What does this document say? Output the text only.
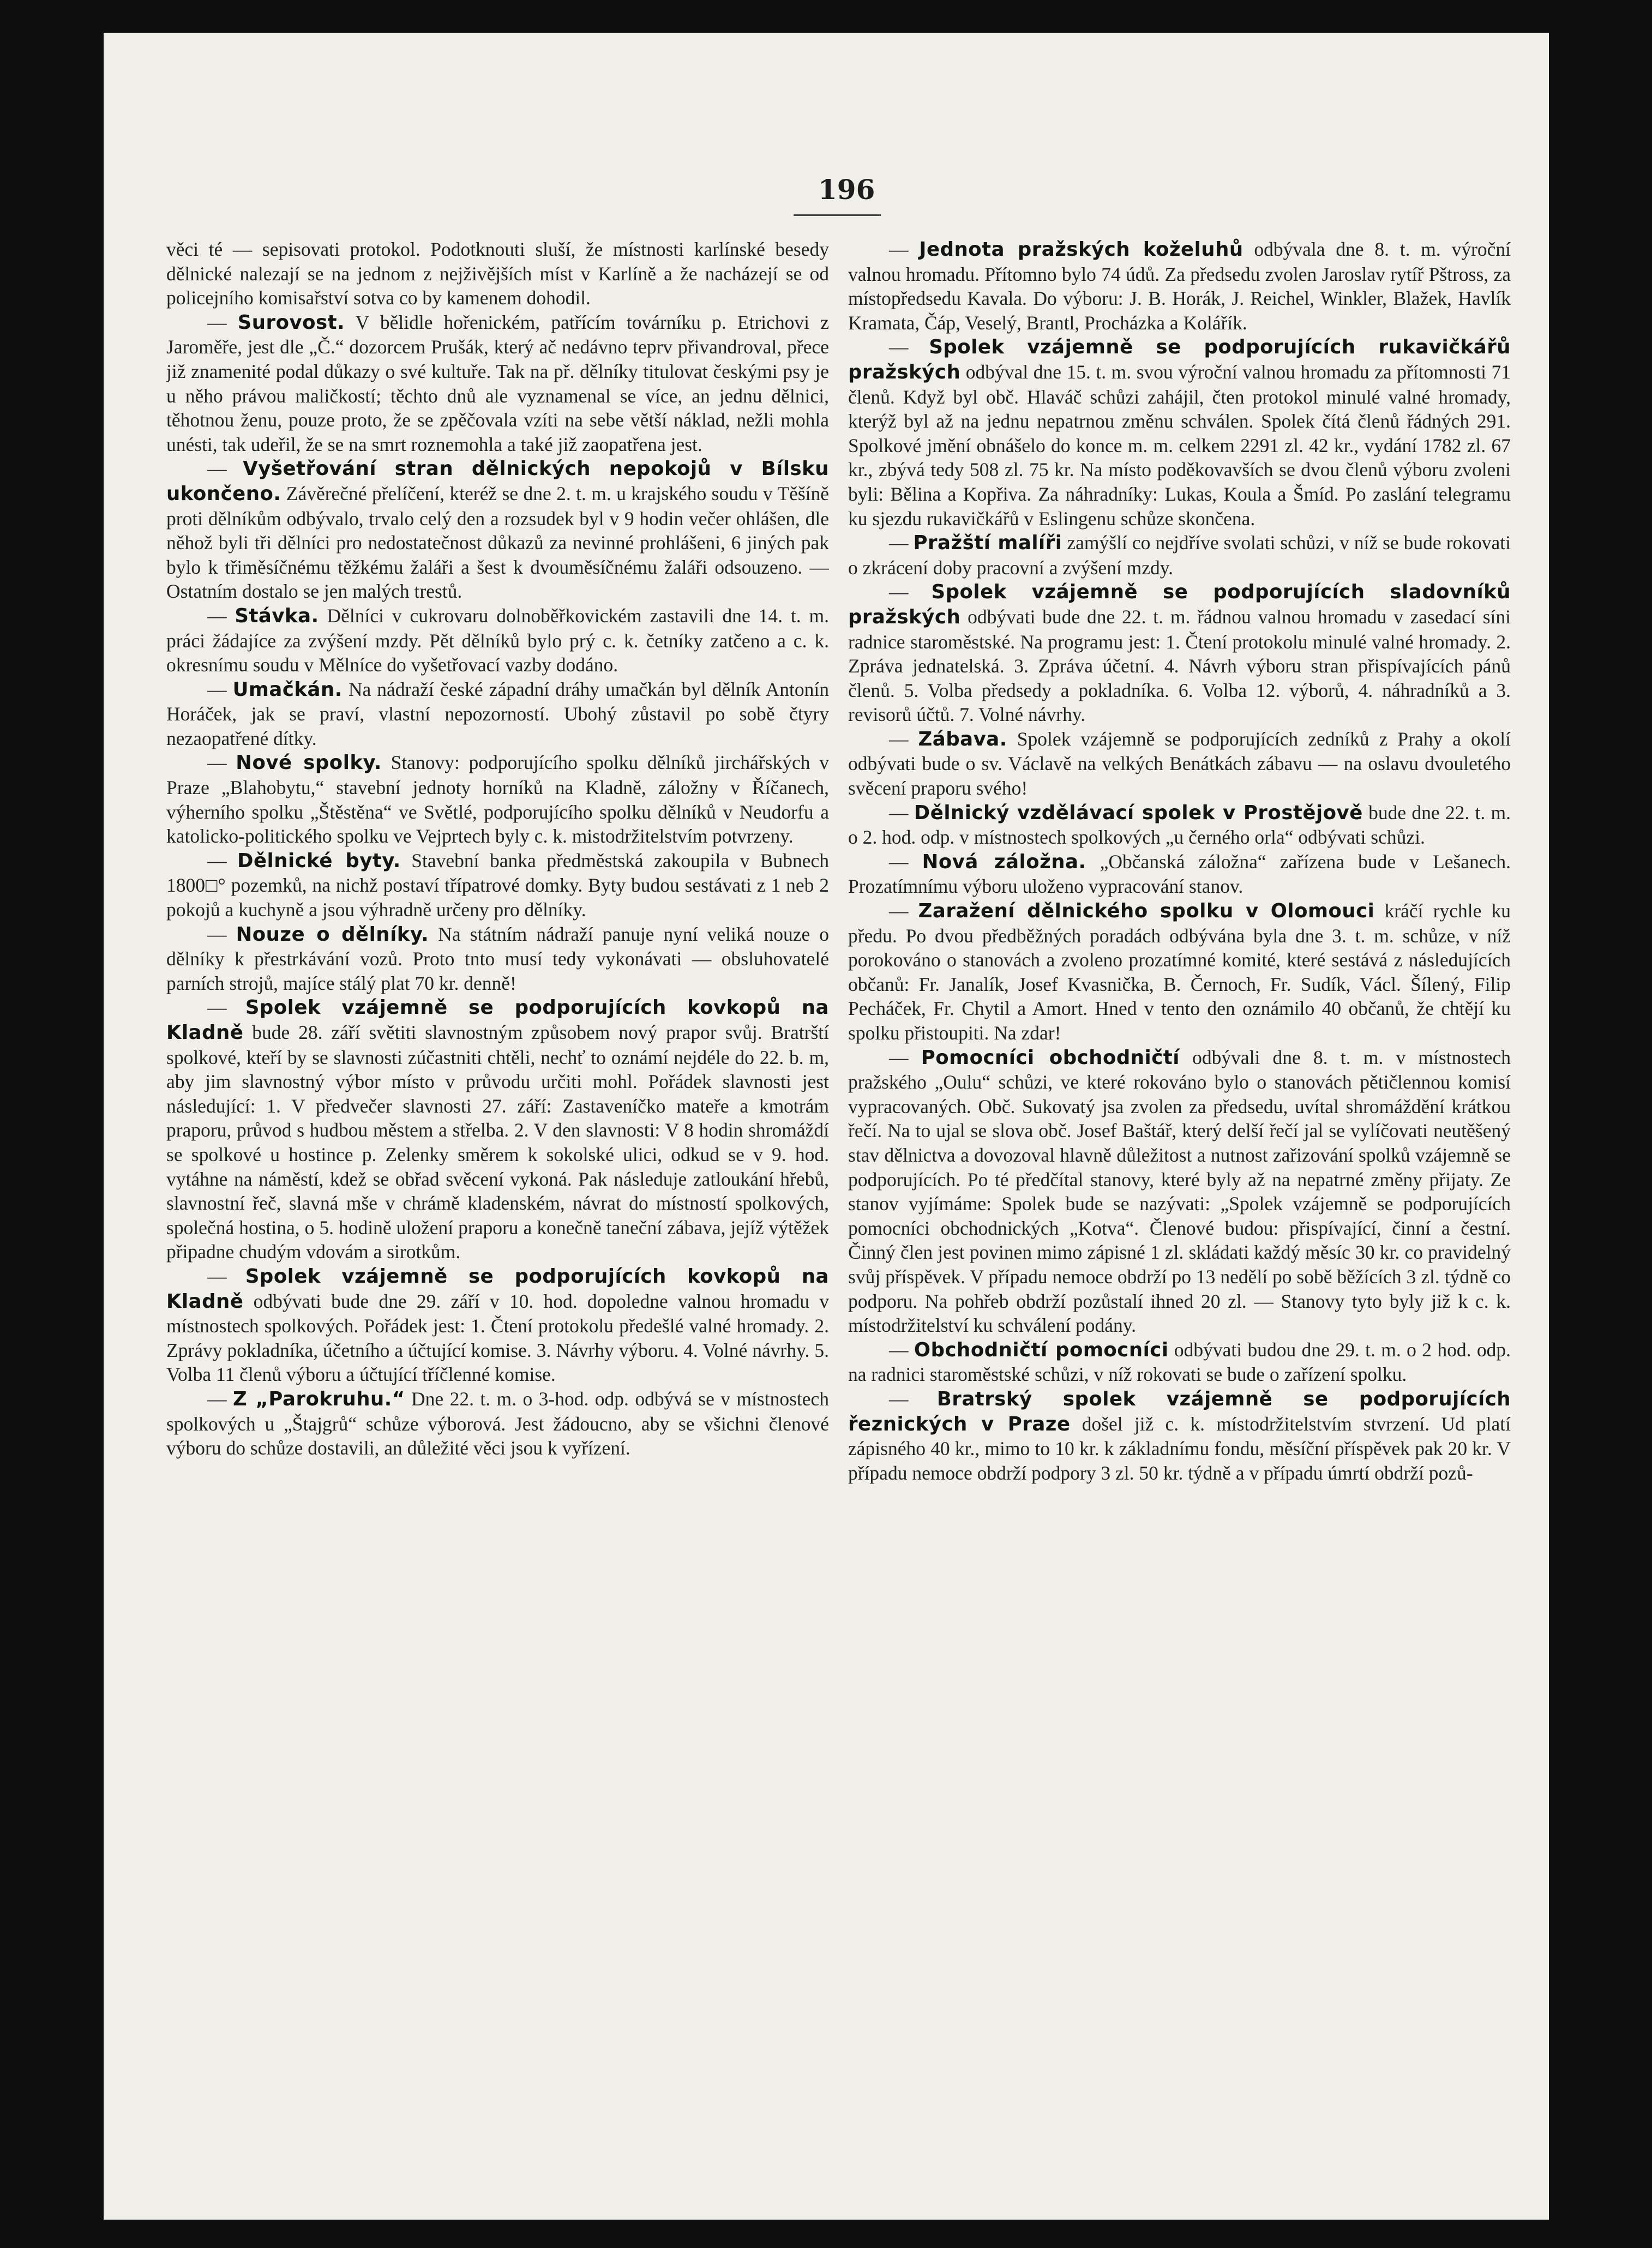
196

věci té — sepisovati protokol. Podotknouti sluší, že místnosti karlínské besedy dělnické nalezají se na jednom z nejživějších míst v Karlíně a že nacházejí se od policejního komisařství sotva co by kamenem dohodil.

— Surovost. V bělidle hořenickém, patřícím továrníku p. Etrichovi z Jaroměře, jest dle „Č.“ dozorcem Prušák, který ač nedávno teprv přivandroval, přece již znamenité podal důkazy o své kultuře. Tak na př. dělníky titulovat českými psy je u něho právou maličkostí; těchto dnů ale vyznamenal se více, an jednu dělnici, těhotnou ženu, pouze proto, že se zpěčovala vzíti na sebe větší náklad, nežli mohla unésti, tak udeřil, že se na smrt roznemohla a také již zaopatřena jest.

— Vyšetřování stran dělnických nepokojů v Bílsku ukončeno. Závěrečné přelíčení, kteréž se dne 2. t. m. u krajského soudu v Těšíně proti dělníkům odbývalo, trvalo celý den a rozsudek byl v 9 hodin večer ohlášen, dle něhož byli tři dělníci pro nedostatečnost důkazů za nevinné prohlášeni, 6 jiných pak bylo k třiměsíčnému těžkému žaláři a šest k dvouměsíčnému žaláři odsouzeno. — Ostatním dostalo se jen malých trestů.

— Stávka. Dělníci v cukrovaru dolnoběřkovickém zastavili dne 14. t. m. práci žádajíce za zvýšení mzdy. Pět dělníků bylo prý c. k. četníky zatčeno a c. k. okresnímu soudu v Mělníce do vyšetřovací vazby dodáno.

— Umačkán. Na nádraží české západní dráhy umačkán byl dělník Antonín Horáček, jak se praví, vlastní nepozorností. Ubohý zůstavil po sobě čtyry nezaopatřené dítky.

— Nové spolky. Stanovy: podporujícího spolku dělníků jirchářských v Praze „Blahobytu,“ stavební jednoty horníků na Kladně, záložny v Říčanech, výherního spolku „Štěstěna“ ve Světlé, podporujícího spolku dělníků v Neudorfu a katolicko-politického spolku ve Vejprtech byly c. k. mistodržitelstvím potvrzeny.

— Dělnické byty. Stavební banka předměstská zakoupila v Bubnech 1800□° pozemků, na nichž postaví třípatrové domky. Byty budou sestávati z 1 neb 2 pokojů a kuchyně a jsou výhradně určeny pro dělníky.

— Nouze o dělníky. Na státním nádraží panuje nyní veliká nouze o dělníky k přestrkávání vozů. Proto tnto musí tedy vykonávati — obsluhovatelé parních strojů, majíce stálý plat 70 kr. denně!

— Spolek vzájemně se podporujících kovkopů na Kladně bude 28. září světiti slavnostným způsobem nový prapor svůj. Bratrští spolkové, kteří by se slavnosti zúčastniti chtěli, nechť to oznámí nejdéle do 22. b. m, aby jim slavnostný výbor místo v průvodu určiti mohl. Pořádek slavnosti jest následující: 1. V předvečer slavnosti 27. září: Zastaveníčko mateře a kmotrám praporu, průvod s hudbou městem a střelba. 2. V den slavnosti: V 8 hodin shromáždí se spolkové u hostince p. Zelenky směrem k sokolské ulici, odkud se v 9. hod. vytáhne na náměstí, kdež se obřad svěcení vykoná. Pak následuje zatloukání hřebů, slavnostní řeč, slavná mše v chrámě kladenském, návrat do místností spolkových, společná hostina, o 5. hodině uložení praporu a konečně taneční zábava, jejíž výtěžek připadne chudým vdovám a sirotkům.

— Spolek vzájemně se podporujících kovkopů na Kladně odbývati bude dne 29. září v 10. hod. dopoledne valnou hromadu v místnostech spolkových. Pořádek jest: 1. Čtení protokolu předešlé valné hromady. 2. Zprávy pokladníka, účetního a účtující komise. 3. Návrhy výboru. 4. Volné návrhy. 5. Volba 11 členů výboru a účtující tříčlenné komise.

— Z „Parokruhu.“ Dne 22. t. m. o 3-hod. odp. odbývá se v místnostech spolkových u „Štajgrů“ schůze výborová. Jest žádoucno, aby se všichni členové výboru do schůze dostavili, an důležité věci jsou k vyřízení.

— Jednota pražských koželuhů odbývala dne 8. t. m. výroční valnou hromadu. Přítomno bylo 74 údů. Za předsedu zvolen Jaroslav rytíř Pštross, za místopředsedu Kavala. Do výboru: J. B. Horák, J. Reichel, Winkler, Blažek, Havlík Kramata, Čáp, Veselý, Brantl, Procházka a Kolářík.

— Spolek vzájemně se podporujících rukavičkářů pražských odbýval dne 15. t. m. svou výroční valnou hromadu za přítomnosti 71 členů. Když byl obč. Hlaváč schůzi zahájil, čten protokol minulé valné hromady, kterýž byl až na jednu nepatrnou změnu schválen. Spolek čítá členů řádných 291. Spolkové jmění obnášelo do konce m. m. celkem 2291 zl. 42 kr., vydání 1782 zl. 67 kr., zbývá tedy 508 zl. 75 kr. Na místo poděkovavších se dvou členů výboru zvoleni byli: Bělina a Kopřiva. Za náhradníky: Lukas, Koula a Šmíd. Po zaslání telegramu ku sjezdu rukavičkářů v Eslingenu schůze skončena.

— Pražští malíři zamýšlí co nejdříve svolati schůzi, v níž se bude rokovati o zkrácení doby pracovní a zvýšení mzdy.

— Spolek vzájemně se podporujících sladovníků pražských odbývati bude dne 22. t. m. řádnou valnou hromadu v zasedací síni radnice staroměstské. Na programu jest: 1. Čtení protokolu minulé valné hromady. 2. Zpráva jednatelská. 3. Zpráva účetní. 4. Návrh výboru stran přispívajících pánů členů. 5. Volba předsedy a pokladníka. 6. Volba 12. výborů, 4. náhradníků a 3. revisorů účtů. 7. Volné návrhy.

— Zábava. Spolek vzájemně se podporujících zedníků z Prahy a okolí odbývati bude o sv. Václavě na velkých Benátkách zábavu — na oslavu dvouletého svěcení praporu svého!

— Dělnický vzdělávací spolek v Prostějově bude dne 22. t. m. o 2. hod. odp. v místnostech spolkových „u černého orla“ odbývati schůzi.

— Nová záložna. „Občanská záložna“ zařízena bude v Lešanech. Prozatímnímu výboru uloženo vypracování stanov.

— Zaražení dělnického spolku v Olomouci kráčí rychle ku předu. Po dvou předběžných poradách odbývána byla dne 3. t. m. schůze, v níž porokováno o stanovách a zvoleno prozatímné komité, které sestává z následujících občanů: Fr. Janalík, Josef Kvasnička, B. Černoch, Fr. Sudík, Václ. Šílený, Filip Pecháček, Fr. Chytil a Amort. Hned v tento den oznámilo 40 občanů, že chtějí ku spolku přistoupiti. Na zdar!

— Pomocníci obchodničtí odbývali dne 8. t. m. v místnostech pražského „Oulu“ schůzi, ve které rokováno bylo o stanovách pětičlennou komisí vypracovaných. Obč. Sukovatý jsa zvolen za předsedu, uvítal shromáždění krátkou řečí. Na to ujal se slova obč. Josef Baštář, který delší řečí jal se vylíčovati neutěšený stav dělnictva a dovozoval hlavně důležitost a nutnost zařizování spolků vzájemně se podporujících. Po té předčítal stanovy, které byly až na nepatrné změny přijaty. Ze stanov vyjímáme: Spolek bude se nazývati: „Spolek vzájemně se podporujících pomocníci obchodnických „Kotva“. Členové budou: přispívající, činní a čestní. Činný člen jest povinen mimo zápisné 1 zl. skládati každý měsíc 30 kr. co pravidelný svůj příspěvek. V případu nemoce obdrží po 13 nedělí po sobě běžících 3 zl. týdně co podporu. Na pohřeb obdrží pozůstalí ihned 20 zl. — Stanovy tyto byly již k c. k. místodržitelství ku schválení podány.

— Obchodničtí pomocníci odbývati budou dne 29. t. m. o 2 hod. odp. na radnici staroměstské schůzi, v níž rokovati se bude o zařízení spolku.

— Bratrský spolek vzájemně se podporujících řeznických v Praze došel již c. k. místodržitelstvím stvrzení. Ud platí zápisného 40 kr., mimo to 10 kr. k základnímu fondu, měsíční příspěvek pak 20 kr. V případu nemoce obdrží podpory 3 zl. 50 kr. týdně a v případu úmrtí obdrží pozů-
